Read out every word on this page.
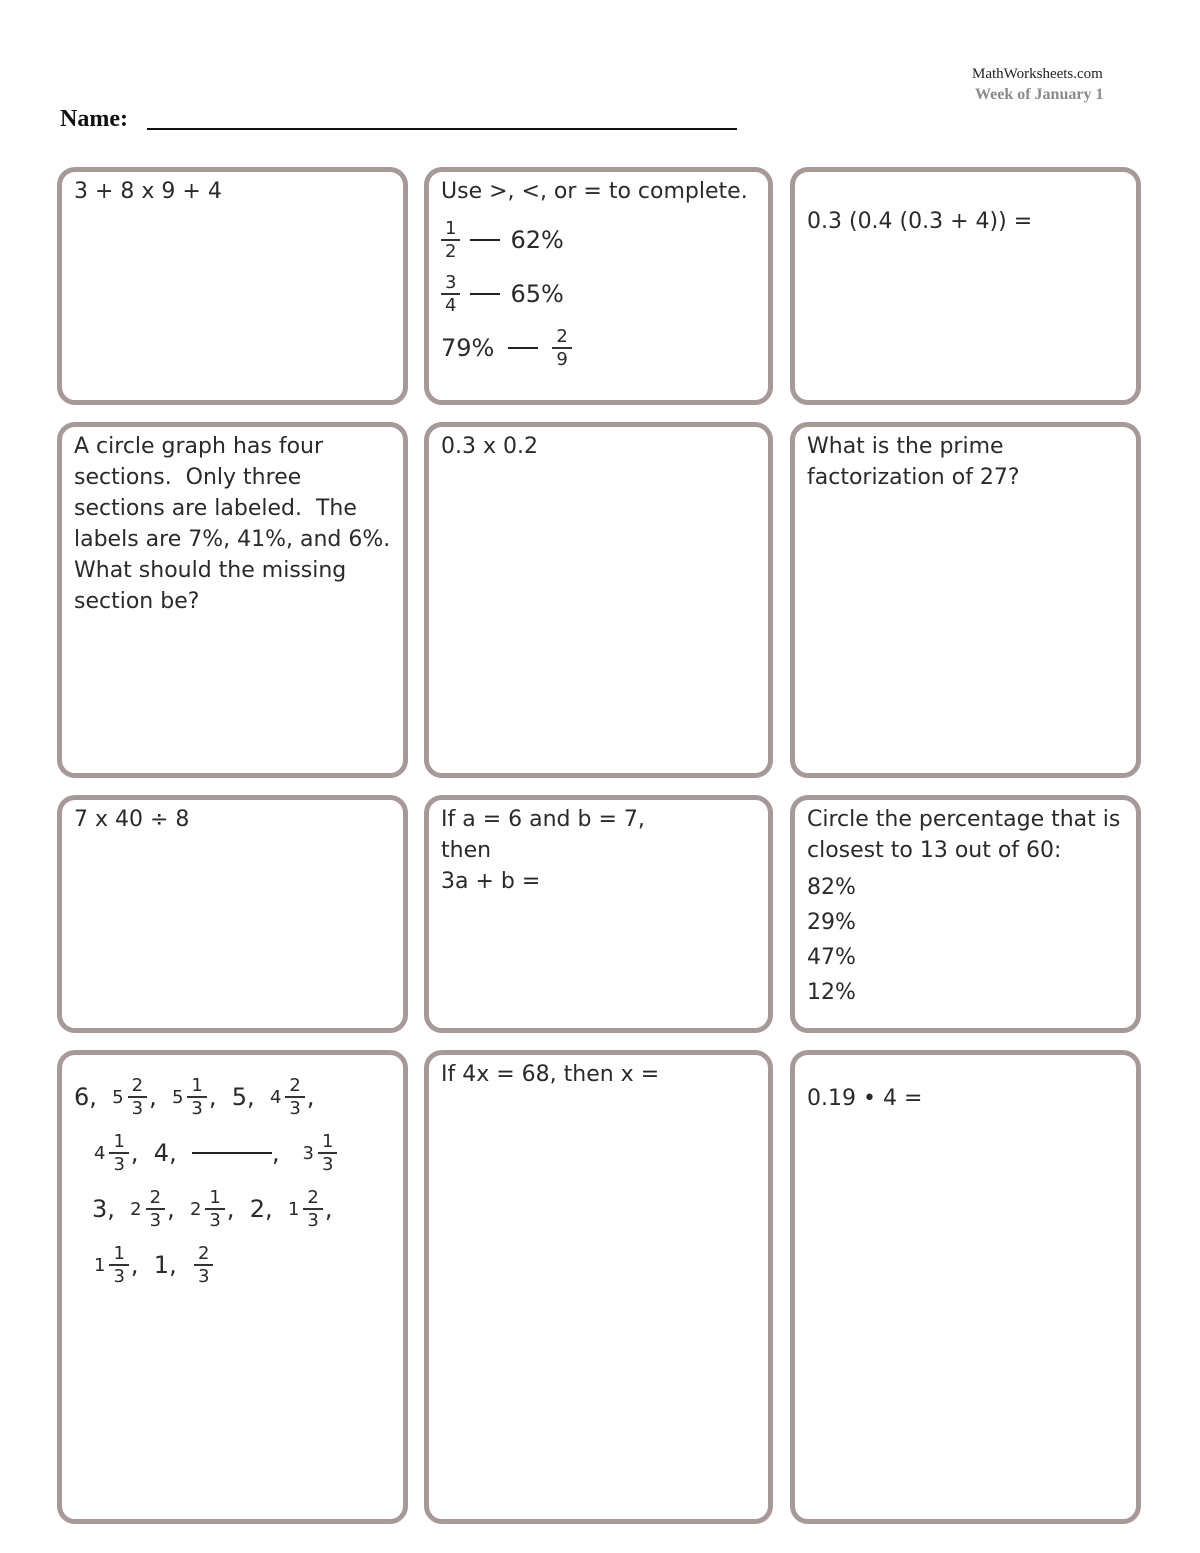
MathWorksheets.com
Week of January 1
Name:
3 + 8 x 9 + 4	Use >, <, or = to complete.
$\frac{1}{2} 62\%$
$\frac{3}{4} 65\%$
79%	$\frac{2}{9}$
0.3 (0.4 (0.3 + 4)) =
A circle graph has four sections.  Only three sections are labeled.  The labels are 7%, 41%, and 6%.  What should the missing section be?
0.3 x 0.2	What is the prime factorization of 27?
7 x 40 ÷ 8	If a = 6 and b = 7,
then
3a + b =
Circle the percentage that is closest to 13 out of 60:
82%
29%
47%
12%
6 , $5 \frac{2}{3}$ , $5 \frac{1}{3}$ , 5 , $4 \frac{2}{3}$ ,
$4 \frac{1}{3}$ , 4 ,	, $3 \frac{1}{3}$
3 , $2 \frac{2}{3}$ , $2 \frac{1}{3}$ , 2 , $1 \frac{2}{3}$ ,
$1 \frac{1}{3}$ , 1 , $\frac{2}{3}$
If 4x = 68, then x =
0.19 • 4 =
